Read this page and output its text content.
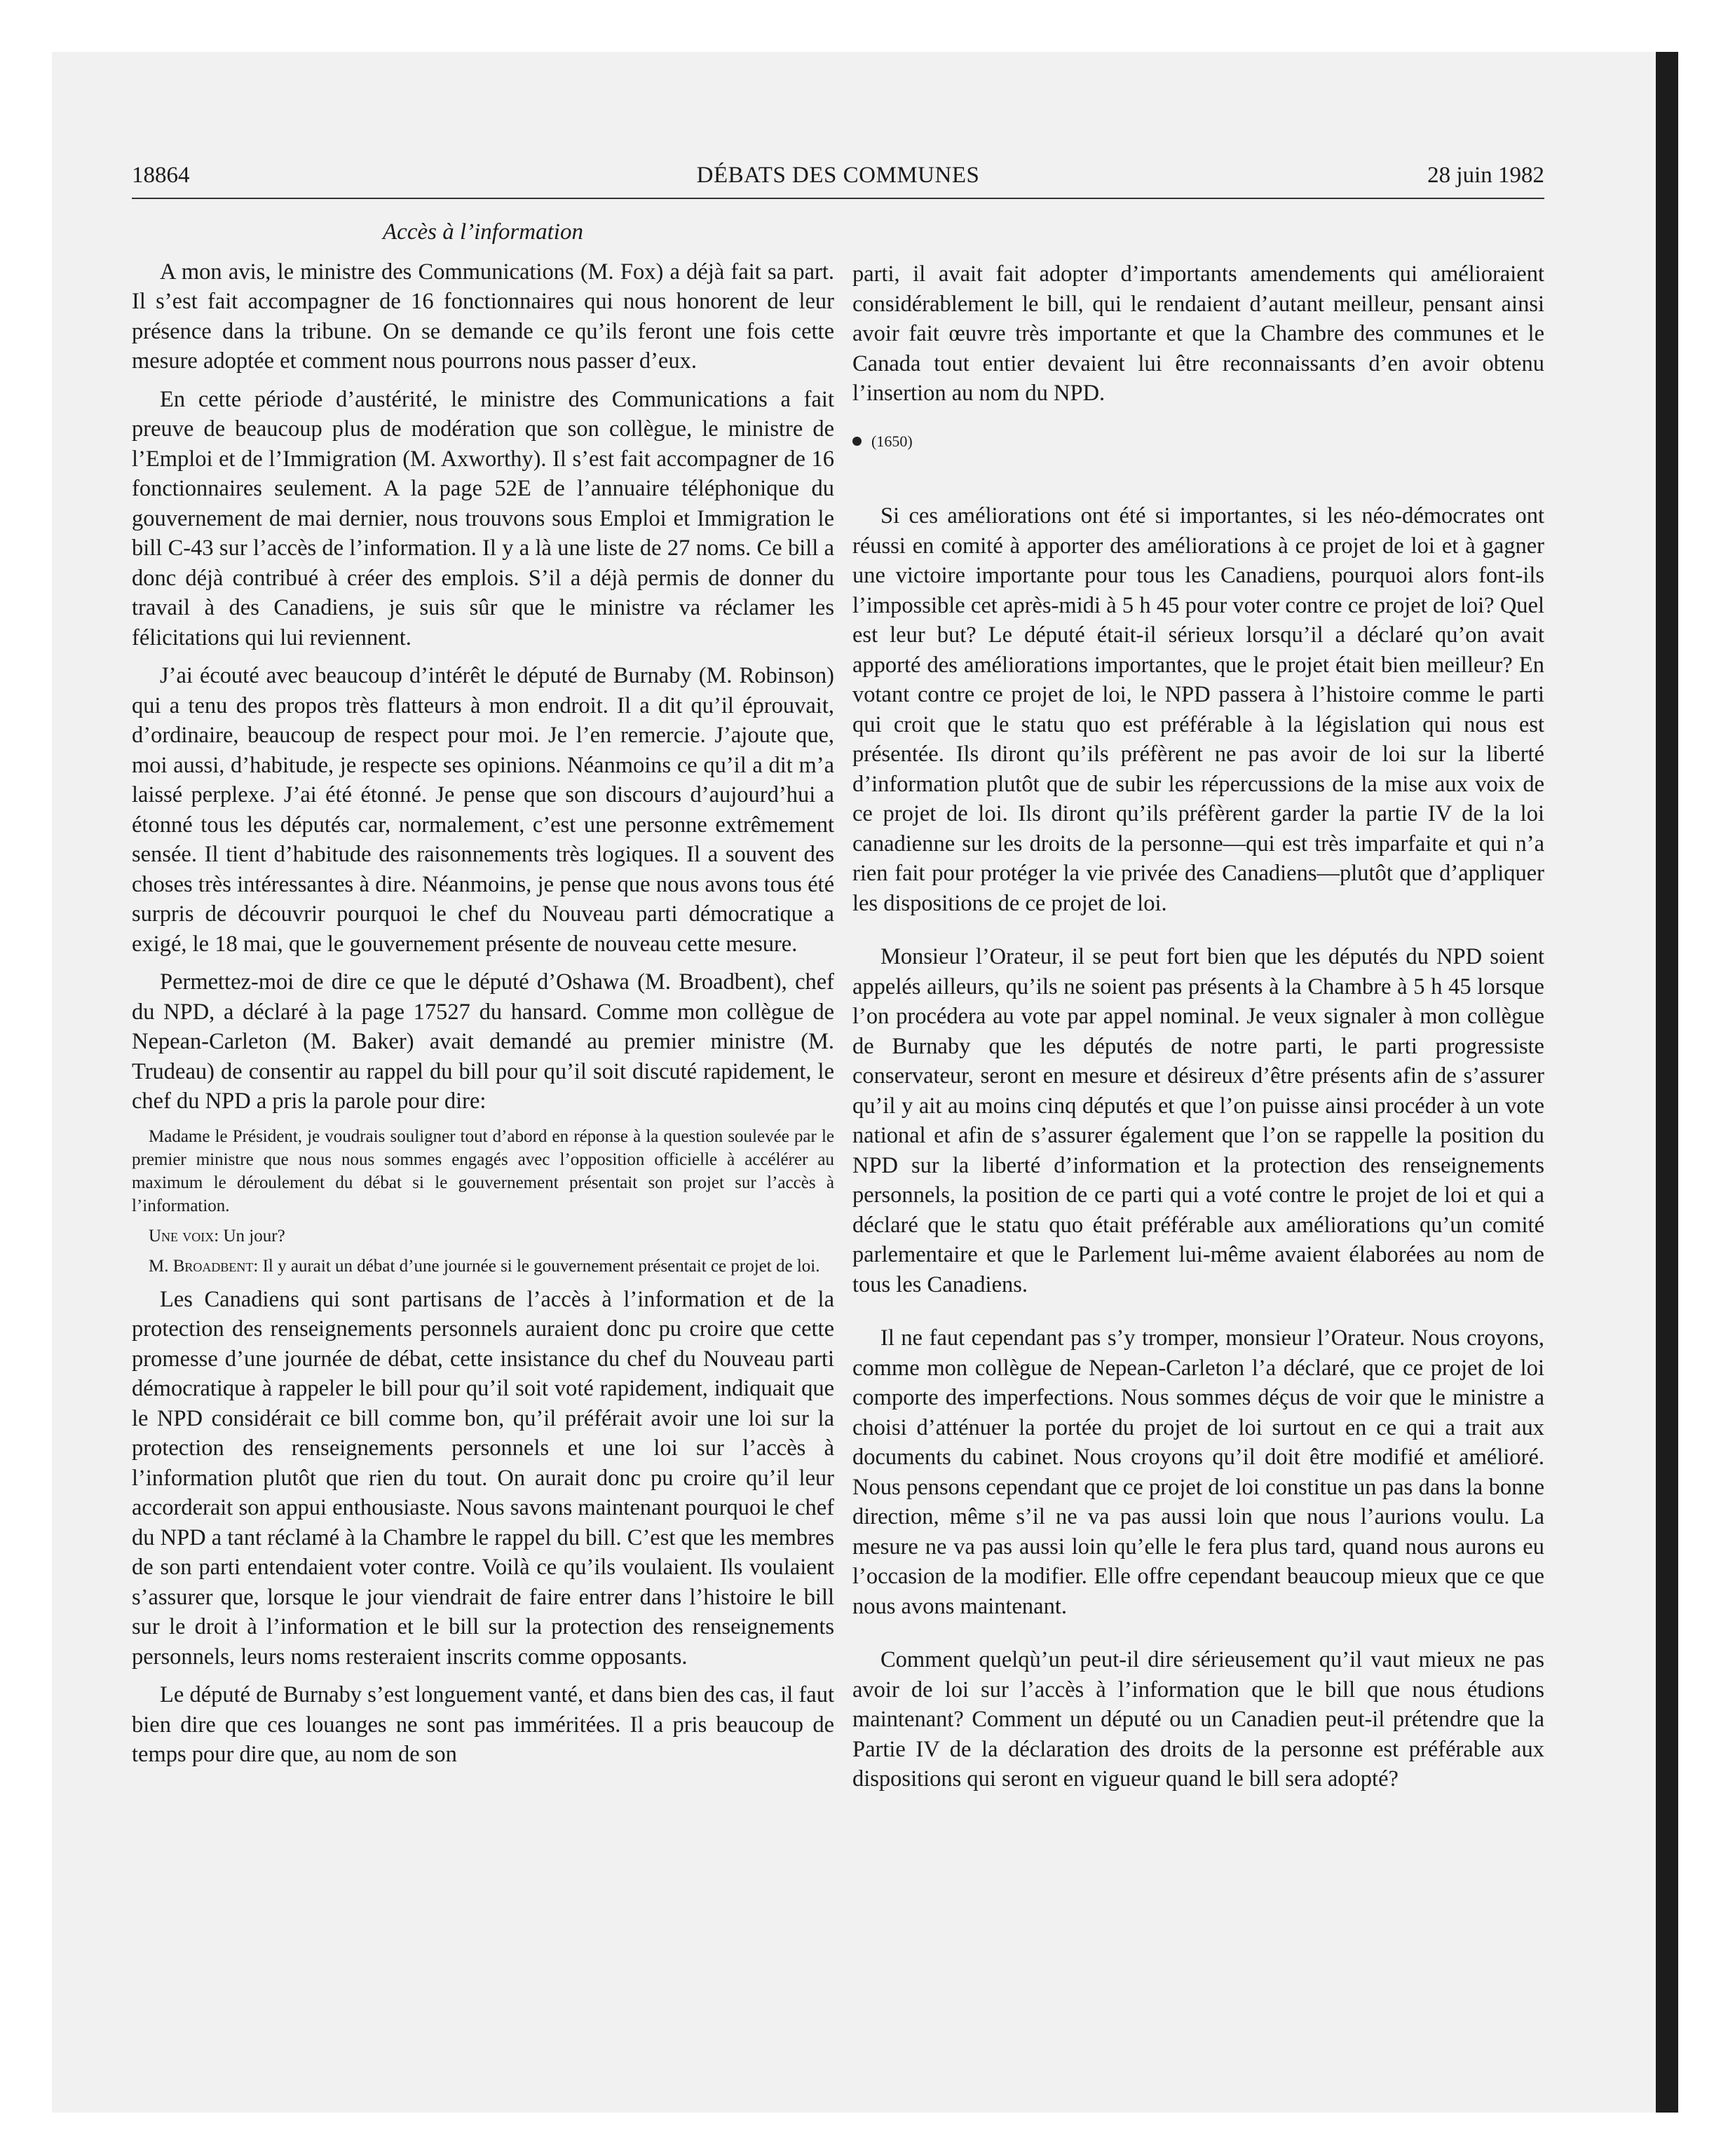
18864	DÉBATS DES COMMUNES	28 juin 1982

Accès à l’information

A mon avis, le ministre des Communications (M. Fox) a déjà fait sa part. Il s’est fait accompagner de 16 fonctionnaires qui nous honorent de leur présence dans la tribune. On se demande ce qu’ils feront une fois cette mesure adoptée et comment nous pourrons nous passer d’eux.

En cette période d’austérité, le ministre des Communications a fait preuve de beaucoup plus de modération que son collègue, le ministre de l’Emploi et de l’Immigration (M. Axworthy). Il s’est fait accompagner de 16 fonctionnaires seulement. A la page 52E de l’annuaire téléphonique du gouvernement de mai dernier, nous trouvons sous Emploi et Immigration le bill C-43 sur l’accès de l’information. Il y a là une liste de 27 noms. Ce bill a donc déjà contribué à créer des emplois. S’il a déjà permis de donner du travail à des Canadiens, je suis sûr que le ministre va réclamer les félicitations qui lui reviennent.

J’ai écouté avec beaucoup d’intérêt le député de Burnaby (M. Robinson) qui a tenu des propos très flatteurs à mon endroit. Il a dit qu’il éprouvait, d’ordinaire, beaucoup de respect pour moi. Je l’en remercie. J’ajoute que, moi aussi, d’habitude, je respecte ses opinions. Néanmoins ce qu’il a dit m’a laissé perplexe. J’ai été étonné. Je pense que son discours d’aujourd’hui a étonné tous les députés car, normalement, c’est une personne extrêmement sensée. Il tient d’habitude des raisonnements très logiques. Il a souvent des choses très intéressantes à dire. Néanmoins, je pense que nous avons tous été surpris de découvrir pourquoi le chef du Nouveau parti démocratique a exigé, le 18 mai, que le gouvernement présente de nouveau cette mesure.

Permettez-moi de dire ce que le député d’Oshawa (M. Broadbent), chef du NPD, a déclaré à la page 17527 du hansard. Comme mon collègue de Nepean-Carleton (M. Baker) avait demandé au premier ministre (M. Trudeau) de consentir au rappel du bill pour qu’il soit discuté rapidement, le chef du NPD a pris la parole pour dire:

Madame le Président, je voudrais souligner tout d’abord en réponse à la question soulevée par le premier ministre que nous nous sommes engagés avec l’opposition officielle à accélérer au maximum le déroulement du débat si le gouvernement présentait son projet sur l’accès à l’information.

Une voix: Un jour?

M. Broadbent: Il y aurait un débat d’une journée si le gouvernement présentait ce projet de loi.

Les Canadiens qui sont partisans de l’accès à l’information et de la protection des renseignements personnels auraient donc pu croire que cette promesse d’une journée de débat, cette insistance du chef du Nouveau parti démocratique à rappeler le bill pour qu’il soit voté rapidement, indiquait que le NPD considérait ce bill comme bon, qu’il préférait avoir une loi sur la protection des renseignements personnels et une loi sur l’accès à l’information plutôt que rien du tout. On aurait donc pu croire qu’il leur accorderait son appui enthousiaste. Nous savons maintenant pourquoi le chef du NPD a tant réclamé à la Chambre le rappel du bill. C’est que les membres de son parti entendaient voter contre. Voilà ce qu’ils voulaient. Ils voulaient s’assurer que, lorsque le jour viendrait de faire entrer dans l’histoire le bill sur le droit à l’information et le bill sur la protection des renseignements personnels, leurs noms resteraient inscrits comme opposants.

Le député de Burnaby s’est longuement vanté, et dans bien des cas, il faut bien dire que ces louanges ne sont pas imméritées. Il a pris beaucoup de temps pour dire que, au nom de son

parti, il avait fait adopter d’importants amendements qui amélioraient considérablement le bill, qui le rendaient d’autant meilleur, pensant ainsi avoir fait œuvre très importante et que la Chambre des communes et le Canada tout entier devaient lui être reconnaissants d’en avoir obtenu l’insertion au nom du NPD.

(1650)

Si ces améliorations ont été si importantes, si les néo-démocrates ont réussi en comité à apporter des améliorations à ce projet de loi et à gagner une victoire importante pour tous les Canadiens, pourquoi alors font-ils l’impossible cet après-midi à 5 h 45 pour voter contre ce projet de loi? Quel est leur but? Le député était-il sérieux lorsqu’il a déclaré qu’on avait apporté des améliorations importantes, que le projet était bien meilleur? En votant contre ce projet de loi, le NPD passera à l’histoire comme le parti qui croit que le statu quo est préférable à la législation qui nous est présentée. Ils diront qu’ils préfèrent ne pas avoir de loi sur la liberté d’information plutôt que de subir les répercussions de la mise aux voix de ce projet de loi. Ils diront qu’ils préfèrent garder la partie IV de la loi canadienne sur les droits de la personne—qui est très imparfaite et qui n’a rien fait pour protéger la vie privée des Canadiens—plutôt que d’appliquer les dispositions de ce projet de loi.

Monsieur l’Orateur, il se peut fort bien que les députés du NPD soient appelés ailleurs, qu’ils ne soient pas présents à la Chambre à 5 h 45 lorsque l’on procédera au vote par appel nominal. Je veux signaler à mon collègue de Burnaby que les députés de notre parti, le parti progressiste conservateur, seront en mesure et désireux d’être présents afin de s’assurer qu’il y ait au moins cinq députés et que l’on puisse ainsi procéder à un vote national et afin de s’assurer également que l’on se rappelle la position du NPD sur la liberté d’information et la protection des renseignements personnels, la position de ce parti qui a voté contre le projet de loi et qui a déclaré que le statu quo était préférable aux améliorations qu’un comité parlementaire et que le Parlement lui-même avaient élaborées au nom de tous les Canadiens.

Il ne faut cependant pas s’y tromper, monsieur l’Orateur. Nous croyons, comme mon collègue de Nepean-Carleton l’a déclaré, que ce projet de loi comporte des imperfections. Nous sommes déçus de voir que le ministre a choisi d’atténuer la portée du projet de loi surtout en ce qui a trait aux documents du cabinet. Nous croyons qu’il doit être modifié et amélioré. Nous pensons cependant que ce projet de loi constitue un pas dans la bonne direction, même s’il ne va pas aussi loin que nous l’aurions voulu. La mesure ne va pas aussi loin qu’elle le fera plus tard, quand nous aurons eu l’occasion de la modifier. Elle offre cependant beaucoup mieux que ce que nous avons maintenant.

Comment quelqù’un peut-il dire sérieusement qu’il vaut mieux ne pas avoir de loi sur l’accès à l’information que le bill que nous étudions maintenant? Comment un député ou un Canadien peut-il prétendre que la Partie IV de la déclaration des droits de la personne est préférable aux dispositions qui seront en vigueur quand le bill sera adopté?
